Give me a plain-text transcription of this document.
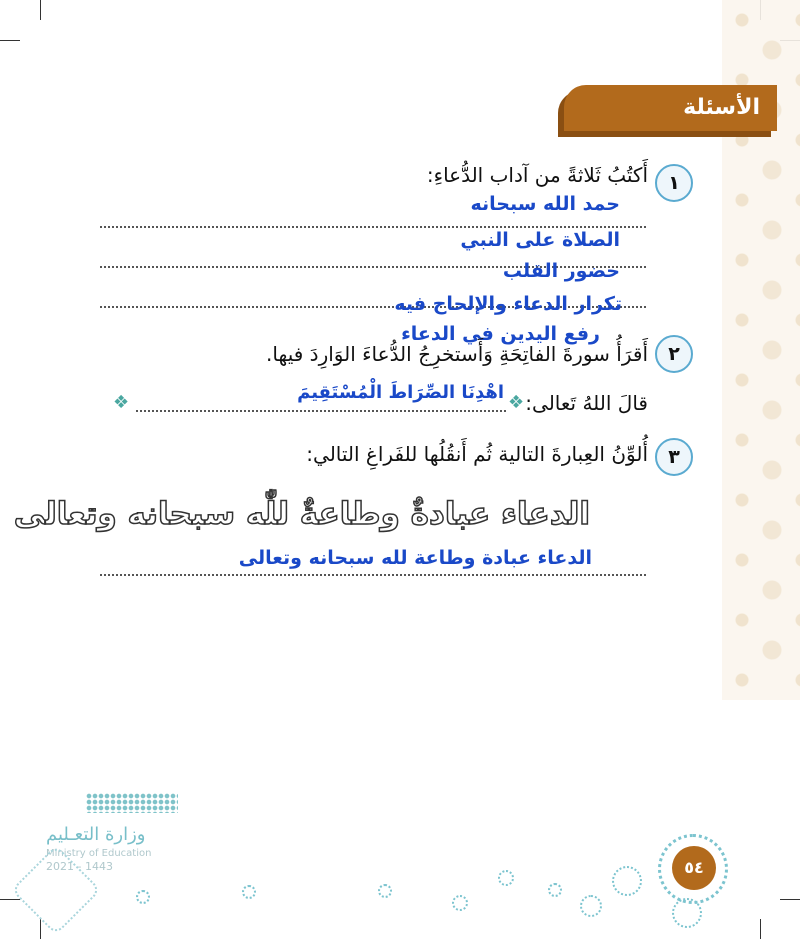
الأسئلة
١
أَكتُبُ ثَلاثةً من آداب الدُّعاءِ:
حمد الله سبحانه
الصلاة على النبي
حضور القلب
تكرار الدعاء والإلحاح فيه
رفع اليدين في الدعاء
٢
أَقرَأُ سورةَ الفاتِحَةِ وَأَستخرِجُ الدُّعاءَ الوَارِدَ فيها.
قالَ اللهُ تَعالى:
❖
اهْدِنَا الصِّرَاطَ الْمُسْتَقِيمَ
❖
٣
أُلوِّنُ العِبارةَ التالية ثُم أَنقُلُها للفَراغِ التالي:
الدعاء عبادةٌ وطاعةٌ للّٰه سبحانه وتعالى
الدعاء عبادة وطاعة لله سبحانه وتعالى
وزارة التعـليم
Ministry of Education
2021 - 1443	٥٤
